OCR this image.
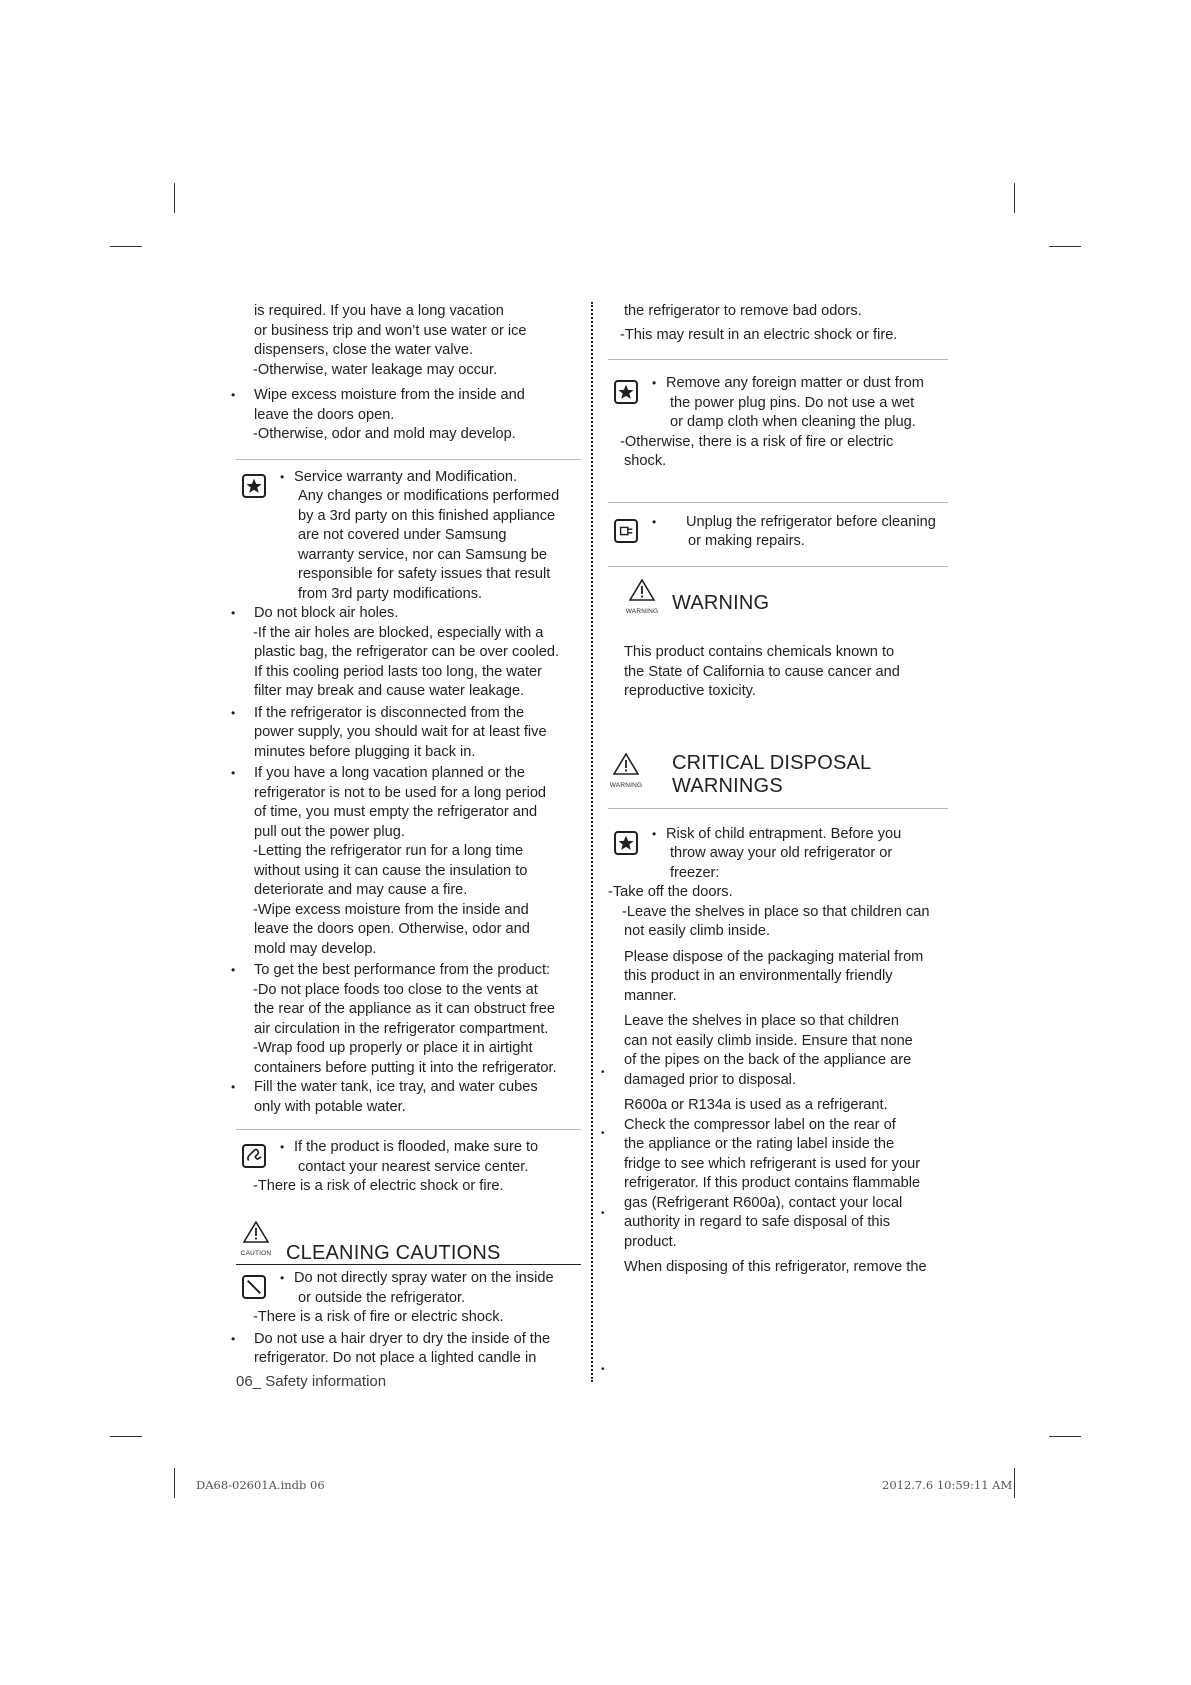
is required. If you have a long vacation

or business trip and won’t use water or ice

dispensers, close the water valve.

-Otherwise, water leakage may occur.

• Wipe excess moisture from the inside and

leave the doors open.

-Otherwise, odor and mold may develop.

• Service warranty and Modification.

Any changes or modifications performed

by a 3rd party on this finished appliance

are not covered under Samsung

warranty service, nor can Samsung be

responsible for safety issues that result

from 3rd party modifications.

• Do not block air holes.

-If the air holes are blocked, especially with a

plastic bag, the refrigerator can be over cooled.

If this cooling period lasts too long, the water

filter may break and cause water leakage.

• If the refrigerator is disconnected from the

power supply, you should wait for at least five

minutes before plugging it back in.

• If you have a long vacation planned or the

refrigerator is not to be used for a long period

of time, you must empty the refrigerator and

pull out the power plug.

-Letting the refrigerator run for a long time

without using it can cause the insulation to

deteriorate and may cause a fire.

-Wipe excess moisture from the inside and

leave the doors open. Otherwise, odor and

mold may develop.

• To get the best performance from the product:

-Do not place foods too close to the vents at

the rear of the appliance as it can obstruct free

air circulation in the refrigerator compartment.

-Wrap food up properly or place it in airtight

containers before putting it into the refrigerator.

• Fill the water tank, ice tray, and water cubes

only with potable water.

• If the product is flooded, make sure to

contact your nearest service center.

-There is a risk of electric shock or fire.

CAUTION CLEANING CAUTIONS

• Do not directly spray water on the inside

or outside the refrigerator.

-There is a risk of fire or electric shock.

• Do not use a hair dryer to dry the inside of the

refrigerator. Do not place a lighted candle in

06_ Safety information

the refrigerator to remove bad odors.

-This may result in an electric shock or fire.

• Remove any foreign matter or dust from

the power plug pins. Do not use a wet

or damp cloth when cleaning the plug.

-Otherwise, there is a risk of fire or electric

shock.

• Unplug the refrigerator before cleaning

or making repairs.

WARNING WARNING

This product contains chemicals known to

the State of California to cause cancer and

reproductive toxicity.

WARNING
CRITICAL DISPOSAL
WARNINGS

• Risk of child entrapment. Before you

throw away your old refrigerator or

freezer:

-Take off the doors.

-Leave the shelves in place so that children can

not easily climb inside.

Please dispose of the packaging material from

this product in an environmentally friendly

manner.

Leave the shelves in place so that children

can not easily climb inside. Ensure that none

of the pipes on the back of the appliance are

damaged prior to disposal.

R600a or R134a is used as a refrigerant.

Check the compressor label on the rear of

the appliance or the rating label inside the

fridge to see which refrigerant is used for your

refrigerator. If this product contains flammable

gas (Refrigerant R600a), contact your local

authority in regard to safe disposal of this

product.

When disposing of this refrigerator, remove the

•
•
•
•
DA68-02601A.indb 06	2012.7.6 10:59:11 AM
